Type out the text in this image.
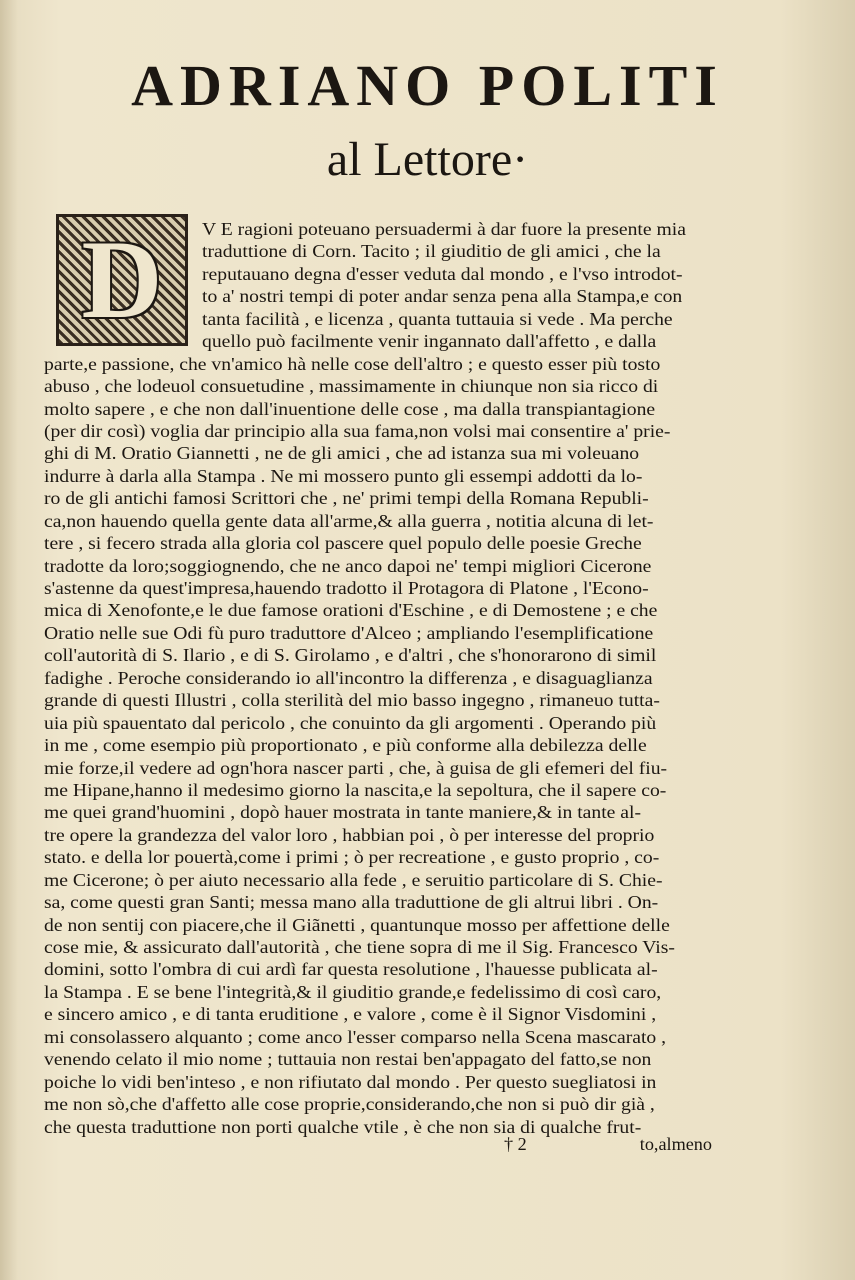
ADRIANO POLITI
al Lettore·
D	V E ragioni poteuano persuadermi à dar fuore la presente mia
traduttione di Corn. Tacito ; il giuditio de gli amici , che la
reputauano degna d'esser veduta dal mondo , e l'vso introdot-
to a' nostri tempi di poter andar senza pena alla Stampa,e con
tanta facilità , e licenza , quanta tuttauia si vede . Ma perche
quello può facilmente venir ingannato dall'affetto , e dalla
parte,e passione, che vn'amico hà nelle cose dell'altro ; e questo esser più tosto
abuso , che lodeuol consuetudine , massimamente in chiunque non sia ricco di
molto sapere , e che non dall'inuentione delle cose , ma dalla transpiantagione
(per dir così) voglia dar principio alla sua fama,non volsi mai consentire a' prie-
ghi di M. Oratio Giannetti , ne de gli amici , che ad istanza sua mi voleuano
indurre à darla alla Stampa . Ne mi mossero punto gli essempi addotti da lo-
ro de gli antichi famosi Scrittori che , ne' primi tempi della Romana Republi-
ca,non hauendo quella gente data all'arme,& alla guerra , notitia alcuna di let-
tere , si fecero strada alla gloria col pascere quel populo delle poesie Greche
tradotte da loro;soggiognendo, che ne anco dapoi ne' tempi migliori Cicerone
s'astenne da quest'impresa,hauendo tradotto il Protagora di Platone , l'Econo-
mica di Xenofonte,e le due famose orationi d'Eschine , e di Demostene ; e che
Oratio nelle sue Odi fù puro traduttore d'Alceo ; ampliando l'esemplificatione
coll'autorità di S. Ilario , e di S. Girolamo , e d'altri , che s'honorarono di simil
fadighe . Peroche considerando io all'incontro la differenza , e disaguaglianza
grande di questi Illustri , colla sterilità del mio basso ingegno , rimaneuo tutta-
uia più spauentato dal pericolo , che conuinto da gli argomenti . Operando più
in me , come esempio più proportionato , e più conforme alla debilezza delle
mie forze,il vedere ad ogn'hora nascer parti , che, à guisa de gli efemeri del fiu-
me Hipane,hanno il medesimo giorno la nascita,e la sepoltura, che il sapere co-
me quei grand'huomini , dopò hauer mostrata in tante maniere,& in tante al-
tre opere la grandezza del valor loro , habbian poi , ò per interesse del proprio
stato. e della lor pouertà,come i primi ; ò per recreatione , e gusto proprio , co-
me Cicerone; ò per aiuto necessario alla fede , e seruitio particolare di S. Chie-
sa, come questi gran Santi; messa mano alla traduttione de gli altrui libri . On-
de non sentij con piacere,che il Giãnetti , quantunque mosso per affettione delle
cose mie, & assicurato dall'autorità , che tiene sopra di me il Sig. Francesco Vis-
domini, sotto l'ombra di cui ardì far questa resolutione , l'hauesse publicata al-
la Stampa . E se bene l'integrità,& il giuditio grande,e fedelissimo di così caro,
e sincero amico , e di tanta eruditione , e valore , come è il Signor Visdomini ,
mi consolassero alquanto ; come anco l'esser comparso nella Scena mascarato ,
venendo celato il mio nome ; tuttauia non restai ben'appagato del fatto,se non
poiche lo vidi ben'inteso , e non rifiutato dal mondo . Per questo suegliatosi in
me non sò,che d'affetto alle cose proprie,considerando,che non si può dir già ,
che questa traduttione non porti qualche vtile , è che non sia di qualche frut-
† 2	to,almeno
